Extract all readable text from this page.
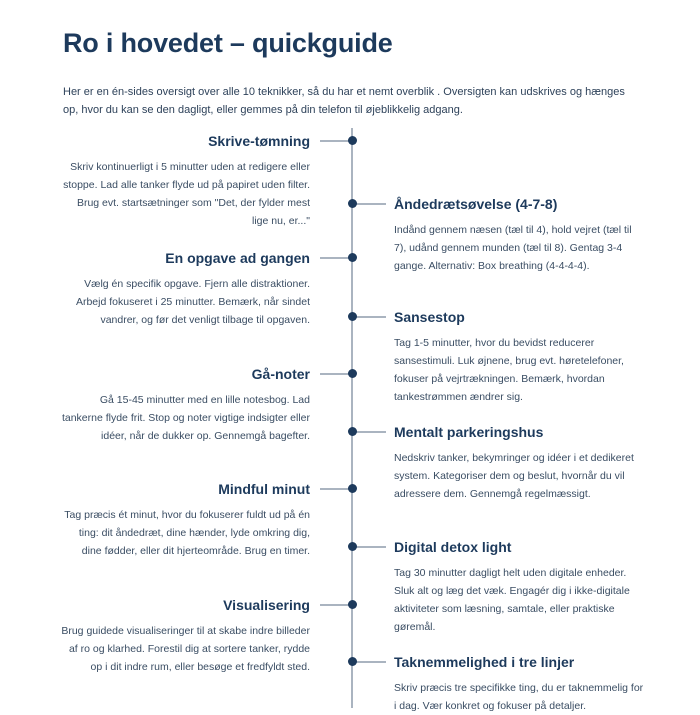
Ro i hovedet – quickguide

Her er en én-sides oversigt over alle 10 teknikker, så du har et nemt overblik . Oversigten kan udskrives og hænges op, hvor du kan se den dagligt, eller gemmes på din telefon til øjeblikkelig adgang.

Skrive-tømning

Skriv kontinuerligt i 5 minutter uden at redigere eller stoppe. Lad alle tanker flyde ud på papiret uden filter. Brug evt. startsætninger som "Det, der fylder mest lige nu, er..."

En opgave ad gangen

Vælg én specifik opgave. Fjern alle distraktioner. Arbejd fokuseret i 25 minutter. Bemærk, når sindet vandrer, og før det venligt tilbage til opgaven.

Gå-noter

Gå 15-45 minutter med en lille notesbog. Lad tankerne flyde frit. Stop og noter vigtige indsigter eller idéer, når de dukker op. Gennemgå bagefter.

Mindful minut

Tag præcis ét minut, hvor du fokuserer fuldt ud på én ting: dit åndedræt, dine hænder, lyde omkring dig, dine fødder, eller dit hjerteområde. Brug en timer.

Visualisering

Brug guidede visualiseringer til at skabe indre billeder af ro og klarhed. Forestil dig at sortere tanker, rydde op i dit indre rum, eller besøge et fredfyldt sted.

Åndedrætsøvelse (4-7-8)

Indånd gennem næsen (tæl til 4), hold vejret (tæl til 7), udånd gennem munden (tæl til 8). Gentag 3-4 gange. Alternativ: Box breathing (4-4-4-4).

Sansestop

Tag 1-5 minutter, hvor du bevidst reducerer sansestimuli. Luk øjnene, brug evt. høretelefoner, fokuser på vejrtrækningen. Bemærk, hvordan tankestrømmen ændrer sig.

Mentalt parkeringshus

Nedskriv tanker, bekymringer og idéer i et dedikeret system. Kategoriser dem og beslut, hvornår du vil adressere dem. Gennemgå regelmæssigt.

Digital detox light

Tag 30 minutter dagligt helt uden digitale enheder. Sluk alt og læg det væk. Engagér dig i ikke-digitale aktiviteter som læsning, samtale, eller praktiske gøremål.

Taknemmelighed i tre linjer

Skriv præcis tre specifikke ting, du er taknemmelig for i dag. Vær konkret og fokuser på detaljer.
